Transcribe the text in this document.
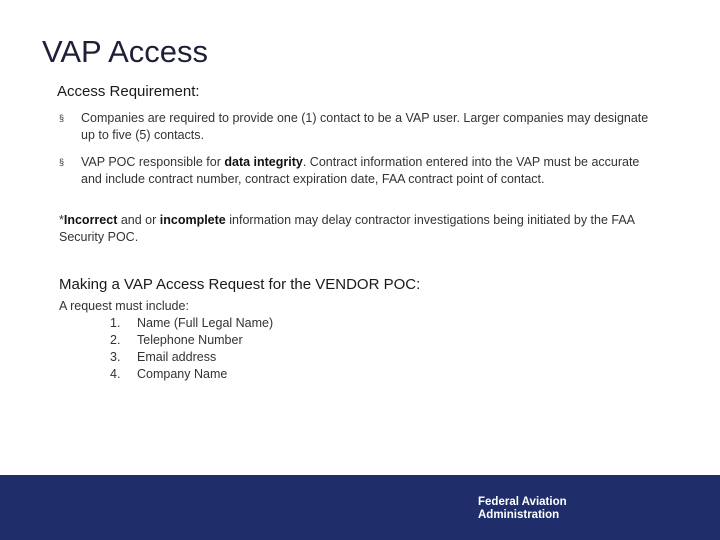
VAP Access
Access Requirement:
§ Companies are required to provide one (1) contact to be a VAP user. Larger companies may designate up to five (5) contacts.
§ VAP POC responsible for data integrity. Contract information entered into the VAP must be accurate and include contract number, contract expiration date, FAA contract point of contact.
*Incorrect and or incomplete information may delay contractor investigations being initiated by the FAA Security POC.
Making a VAP Access Request for the VENDOR POC:
A request must include:
1. Name (Full Legal Name)
2. Telephone Number
3. Email address
4. Company Name
Federal Aviation
Administration
